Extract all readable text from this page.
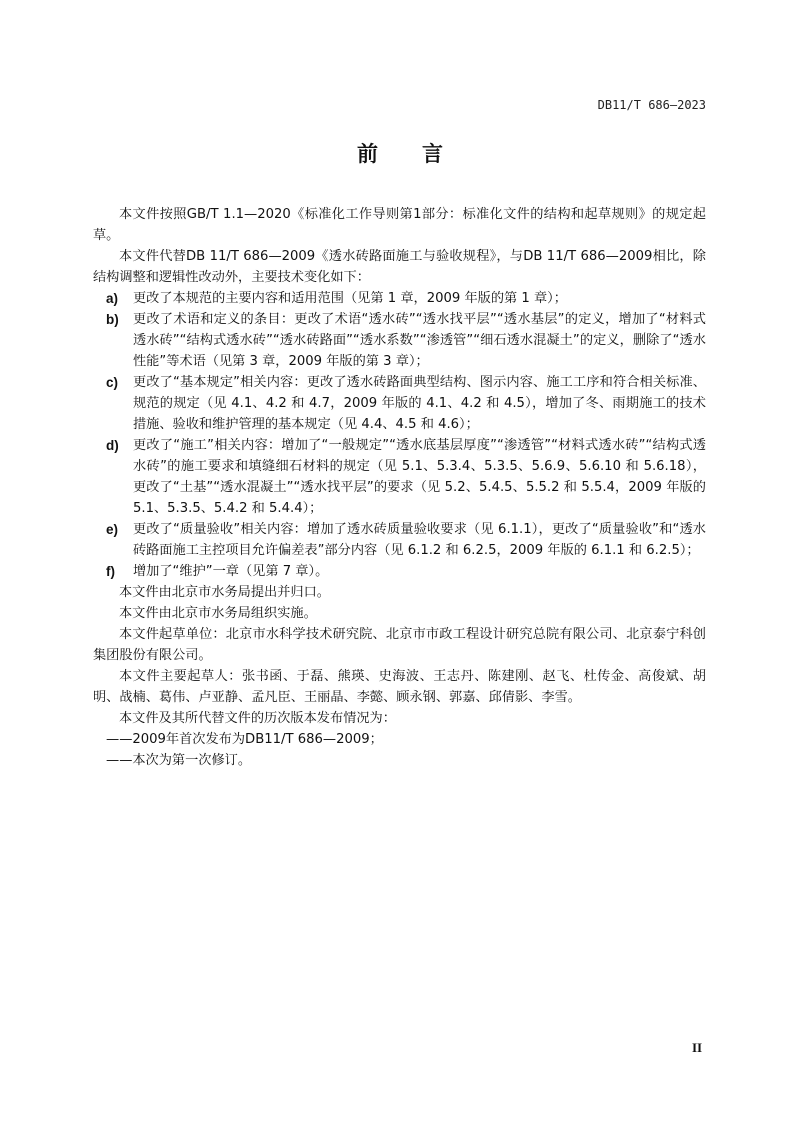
DB11/T 686—2023
前 言

本文件按照GB/T 1.1—2020《标准化工作导则第1部分：标准化文件的结构和起草规则》的规定起草。

本文件代替DB 11/T 686—2009《透水砖路面施工与验收规程》，与DB 11/T 686—2009相比，除结构调整和逻辑性改动外，主要技术变化如下：

a) 更改了本规范的主要内容和适用范围（见第 1 章，2009 年版的第 1 章）；

b) 更改了术语和定义的条目：更改了术语“透水砖”“透水找平层”“透水基层”的定义，增加了“材料式透水砖”“结构式透水砖”“透水砖路面”“透水系数”“渗透管”“细石透水混凝土”的定义，删除了“透水性能”等术语（见第 3 章，2009 年版的第 3 章）；

c) 更改了“基本规定”相关内容：更改了透水砖路面典型结构、图示内容、施工工序和符合相关标准、规范的规定（见 4.1、4.2 和 4.7，2009 年版的 4.1、4.2 和 4.5），增加了冬、雨期施工的技术措施、验收和维护管理的基本规定（见 4.4、4.5 和 4.6）；

d) 更改了“施工”相关内容：增加了“一般规定”“透水底基层厚度”“渗透管”“材料式透水砖”“结构式透水砖”的施工要求和填缝细石材料的规定（见 5.1、5.3.4、5.3.5、5.6.9、5.6.10 和 5.6.18），更改了“土基”“透水混凝土”“透水找平层”的要求（见 5.2、5.4.5、5.5.2 和 5.5.4，2009 年版的 5.1、5.3.5、5.4.2 和 5.4.4）；

e) 更改了“质量验收”相关内容：增加了透水砖质量验收要求（见 6.1.1），更改了“质量验收”和“透水砖路面施工主控项目允许偏差表”部分内容（见 6.1.2 和 6.2.5，2009 年版的 6.1.1 和 6.2.5）；

f) 增加了“维护”一章（见第 7 章）。

本文件由北京市水务局提出并归口。

本文件由北京市水务局组织实施。

本文件起草单位：北京市水科学技术研究院、北京市市政工程设计研究总院有限公司、北京泰宁科创集团股份有限公司。

本文件主要起草人：张书函、于磊、熊瑛、史海波、王志丹、陈建刚、赵飞、杜传金、高俊斌、胡明、战楠、葛伟、卢亚静、孟凡臣、王丽晶、李懿、顾永钢、郭嘉、邱倩影、李雪。

本文件及其所代替文件的历次版本发布情况为：

——2009年首次发布为DB11/T 686—2009；

——本次为第一次修订。

II
